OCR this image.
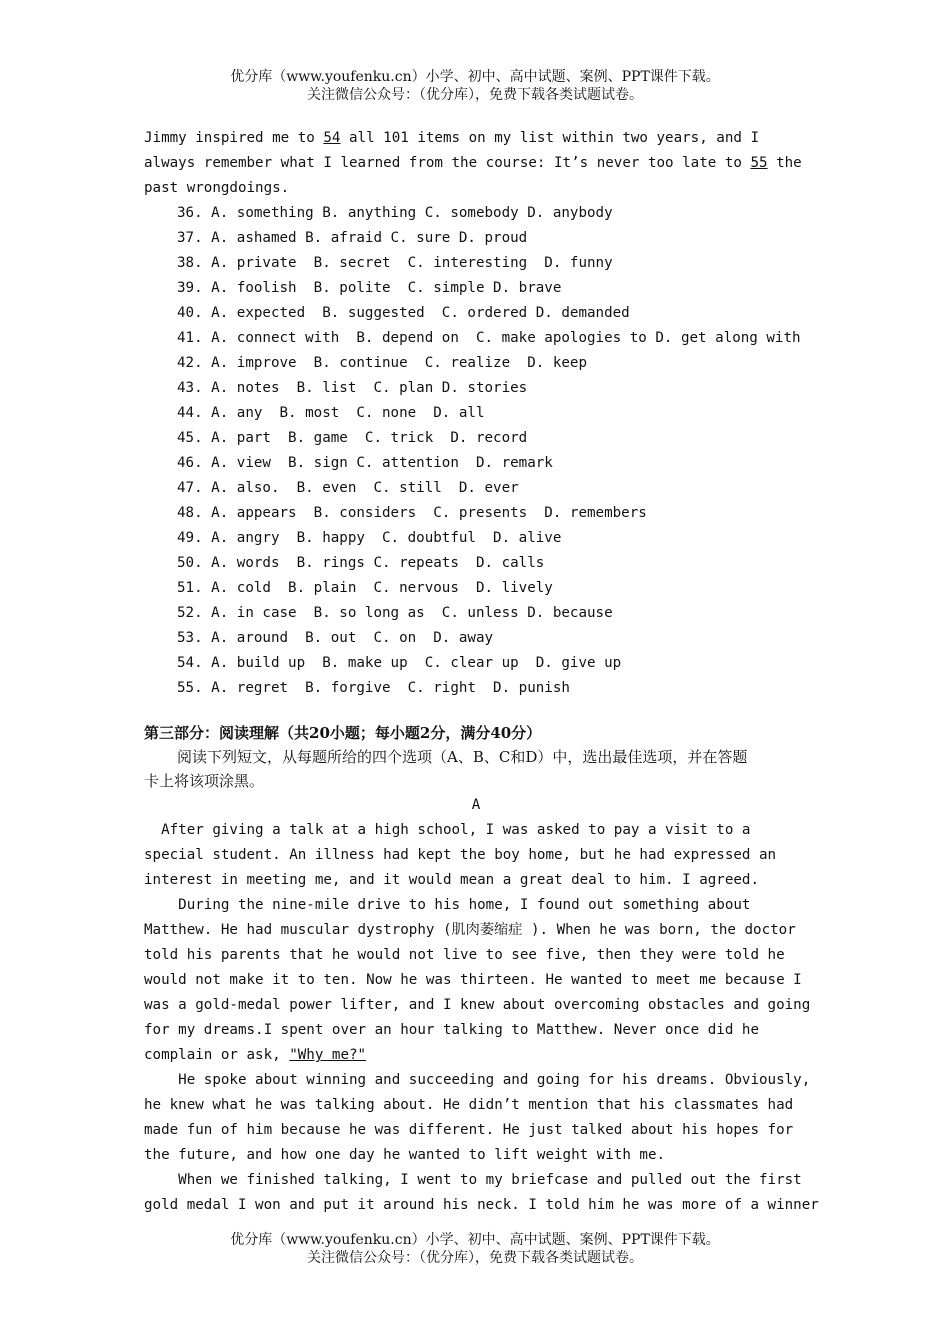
优分库（www.youfenku.cn）小学、初中、高中试题、案例、PPT课件下载。
关注微信公众号：（优分库），免费下载各类试题试卷。

Jimmy inspired me to 54 all 101 items on my list within two years, and I

always remember what I learned from the course: It’s never too late to 55 the

past wrongdoings.

36. A. something B. anything C. somebody D. anybody

37. A. ashamed B. afraid C. sure D. proud

38. A. private  B. secret  C. interesting  D. funny

39. A. foolish  B. polite  C. simple D. brave

40. A. expected  B. suggested  C. ordered D. demanded

41. A. connect with  B. depend on  C. make apologies to D. get along with

42. A. improve  B. continue  C. realize  D. keep

43. A. notes  B. list  C. plan D. stories

44. A. any  B. most  C. none  D. all

45. A. part  B. game  C. trick  D. record

46. A. view  B. sign C. attention  D. remark

47. A. also.  B. even  C. still  D. ever

48. A. appears  B. considers  C. presents  D. remembers

49. A. angry  B. happy  C. doubtful  D. alive

50. A. words  B. rings C. repeats  D. calls

51. A. cold  B. plain  C. nervous  D. lively

52. A. in case  B. so long as  C. unless D. because

53. A. around  B. out  C. on  D. away

54. A. build up  B. make up  C. clear up  D. give up

55. A. regret  B. forgive  C. right  D. punish

第三部分：阅读理解（共20小题；每小题2分，满分40分）

阅读下列短文，从每题所给的四个选项（A、B、C和D）中，选出最佳选项，并在答题

卡上将该项涂黑。

A

After giving a talk at a high school, I was asked to pay a visit to a

special student. An illness had kept the boy home, but he had expressed an

interest in meeting me, and it would mean a great deal to him. I agreed.

During the nine-mile drive to his home, I found out something about

Matthew. He had muscular dystrophy (肌肉萎缩症 ). When he was born, the doctor

told his parents that he would not live to see five, then they were told he

would not make it to ten. Now he was thirteen. He wanted to meet me because I

was a gold-medal power lifter, and I knew about overcoming obstacles and going

for my dreams.I spent over an hour talking to Matthew. Never once did he

complain or ask, "Why me?"

He spoke about winning and succeeding and going for his dreams. Obviously,

he knew what he was talking about. He didn’t mention that his classmates had

made fun of him because he was different. He just talked about his hopes for

the future, and how one day he wanted to lift weight with me.

When we finished talking, I went to my briefcase and pulled out the first

gold medal I won and put it around his neck. I told him he was more of a winner

优分库（www.youfenku.cn）小学、初中、高中试题、案例、PPT课件下载。
关注微信公众号：（优分库），免费下载各类试题试卷。
